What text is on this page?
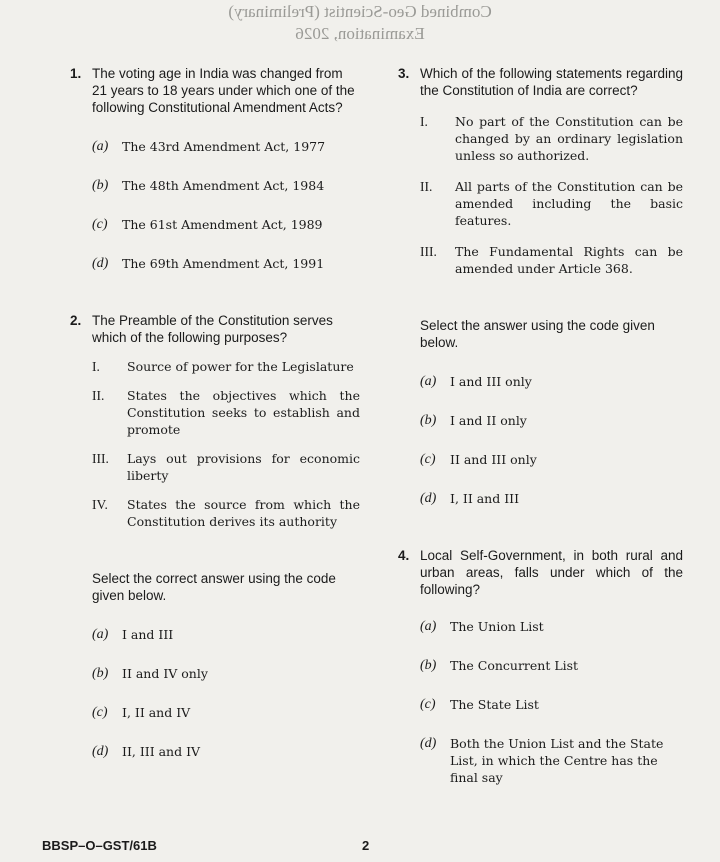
Combined Geo-Scientist (Preliminary)
Examination, 2026
1. The voting age in India was changed from 21 years to 18 years under which one of the following Constitutional Amendment Acts?
(a) The 43rd Amendment Act, 1977
(b) The 48th Amendment Act, 1984
(c) The 61st Amendment Act, 1989
(d) The 69th Amendment Act, 1991
2. The Preamble of the Constitution serves which of the following purposes?
I. Source of power for the Legislature
II. States the objectives which the Constitution seeks to establish and promote
III. Lays out provisions for economic liberty
IV. States the source from which the Constitution derives its authority
Select the correct answer using the code given below.
(a) I and III
(b) II and IV only
(c) I, II and IV
(d) II, III and IV
3. Which of the following statements regarding the Constitution of India are correct?
I. No part of the Constitution can be changed by an ordinary legislation unless so authorized.
II. All parts of the Constitution can be amended including the basic features.
III. The Fundamental Rights can be amended under Article 368.
Select the answer using the code given below.
(a) I and III only
(b) I and II only
(c) II and III only
(d) I, II and III
4. Local Self-Government, in both rural and urban areas, falls under which of the following?
(a) The Union List
(b) The Concurrent List
(c) The State List
(d) Both the Union List and the State List, in which the Centre has the final say
BBSP–O–GST/61B	2
